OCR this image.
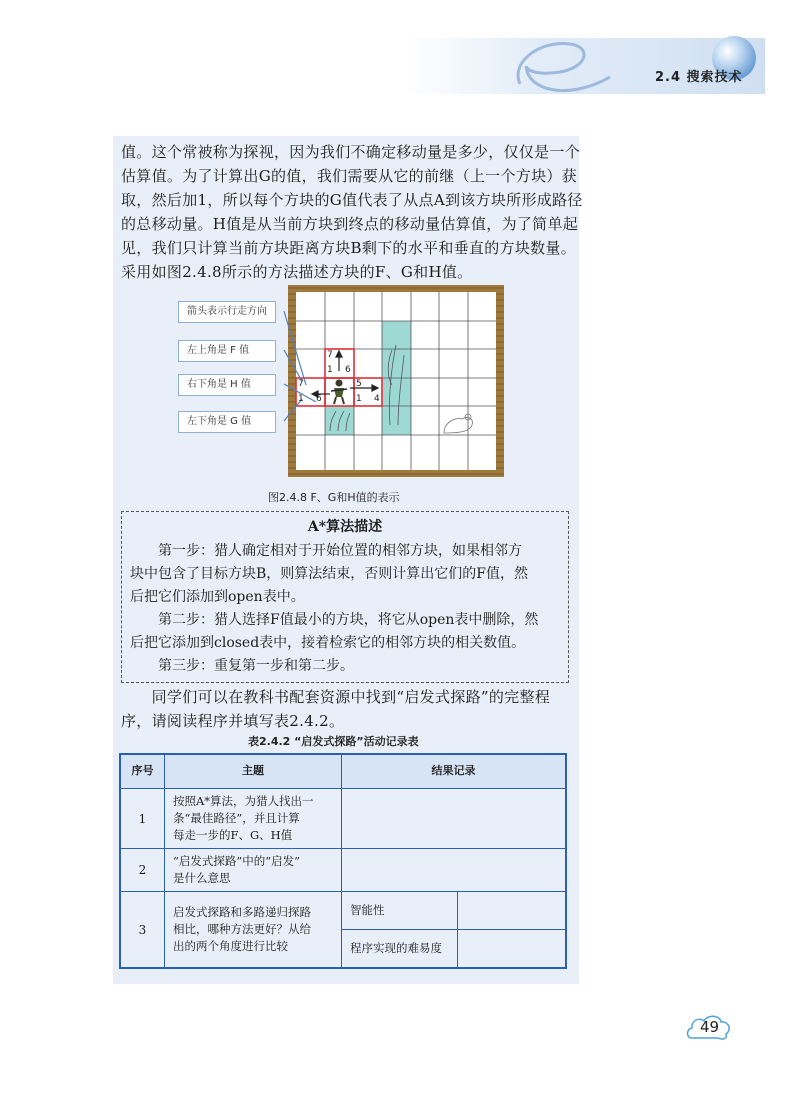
2.4 搜索技术
值。这个常被称为探视，因为我们不确定移动量是多少，仅仅是一个
估算值。为了计算出G的值，我们需要从它的前继（上一个方块）获
取，然后加1，所以每个方块的G值代表了从点A到该方块所形成路径
的总移动量。H值是从当前方块到终点的移动量估算值，为了简单起
见，我们只计算当前方块距离方块B剩下的水平和垂直的方块数量。
采用如图2.4.8所示的方法描述方块的F、G和H值。
箭头表示行走方向
左上角是 F 值
右下角是 H 值
左下角是 G 值
7
1 6
7
1 6
5
1 4
图2.4.8 F、G和H值的表示
A*算法描述
　　第一步：猎人确定相对于开始位置的相邻方块，如果相邻方
块中包含了目标方块B，则算法结束，否则计算出它们的F值，然
后把它们添加到open表中。
　　第二步：猎人选择F值最小的方块，将它从open表中删除，然
后把它添加到closed表中，接着检索它的相邻方块的相关数值。
　　第三步：重复第一步和第二步。
　　同学们可以在教科书配套资源中找到“启发式探路”的完整程
序，请阅读程序并填写表2.4.2。
表2.4.2 “启发式探路”活动记录表
序号	主题	结果记录
1
按照A*算法，为猎人找出一
条“最佳路径”，并且计算
每走一步的F、G、H值
2
“启发式探路”中的“启发”
是什么意思
3
启发式探路和多路递归探路
相比，哪种方法更好？从给
出的两个角度进行比较
智能性
程序实现的难易度
49
